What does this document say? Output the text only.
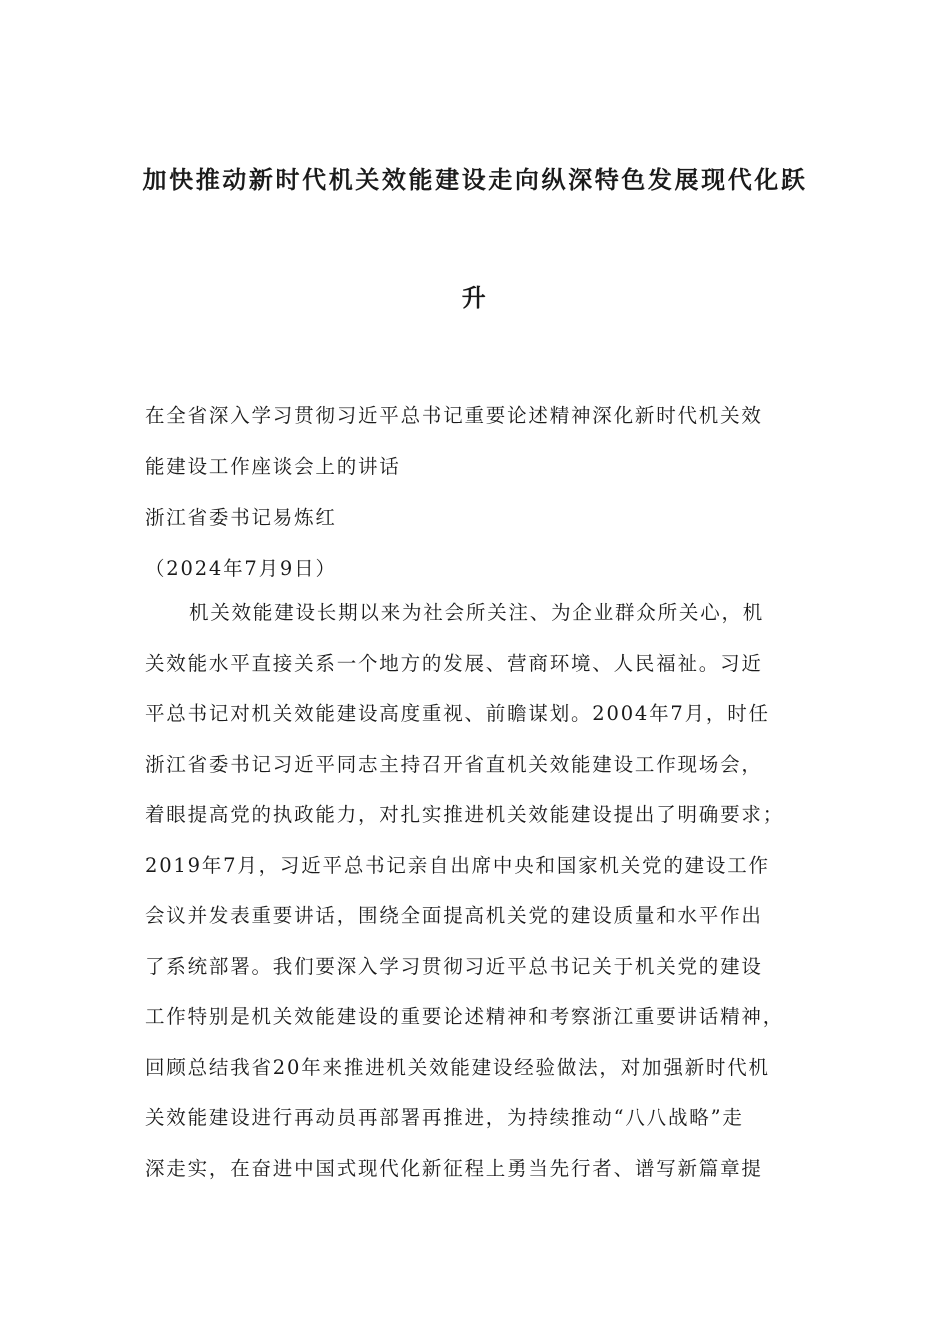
加快推动新时代机关效能建设走向纵深特色发展现代化跃
升
在全省深入学习贯彻习近平总书记重要论述精神深化新时代机关效
能建设工作座谈会上的讲话
浙江省委书记易炼红
（2024年7月9日）
机关效能建设长期以来为社会所关注、为企业群众所关心，机
关效能水平直接关系一个地方的发展、营商环境、人民福祉。习近
平总书记对机关效能建设高度重视、前瞻谋划。2004年7月，时任
浙江省委书记习近平同志主持召开省直机关效能建设工作现场会，
着眼提高党的执政能力，对扎实推进机关效能建设提出了明确要求；
2019年7月，习近平总书记亲自出席中央和国家机关党的建设工作
会议并发表重要讲话，围绕全面提高机关党的建设质量和水平作出
了系统部署。我们要深入学习贯彻习近平总书记关于机关党的建设
工作特别是机关效能建设的重要论述精神和考察浙江重要讲话精神，
回顾总结我省20年来推进机关效能建设经验做法，对加强新时代机
关效能建设进行再动员再部署再推进，为持续推动“八八战略”走
深走实，在奋进中国式现代化新征程上勇当先行者、谱写新篇章提
